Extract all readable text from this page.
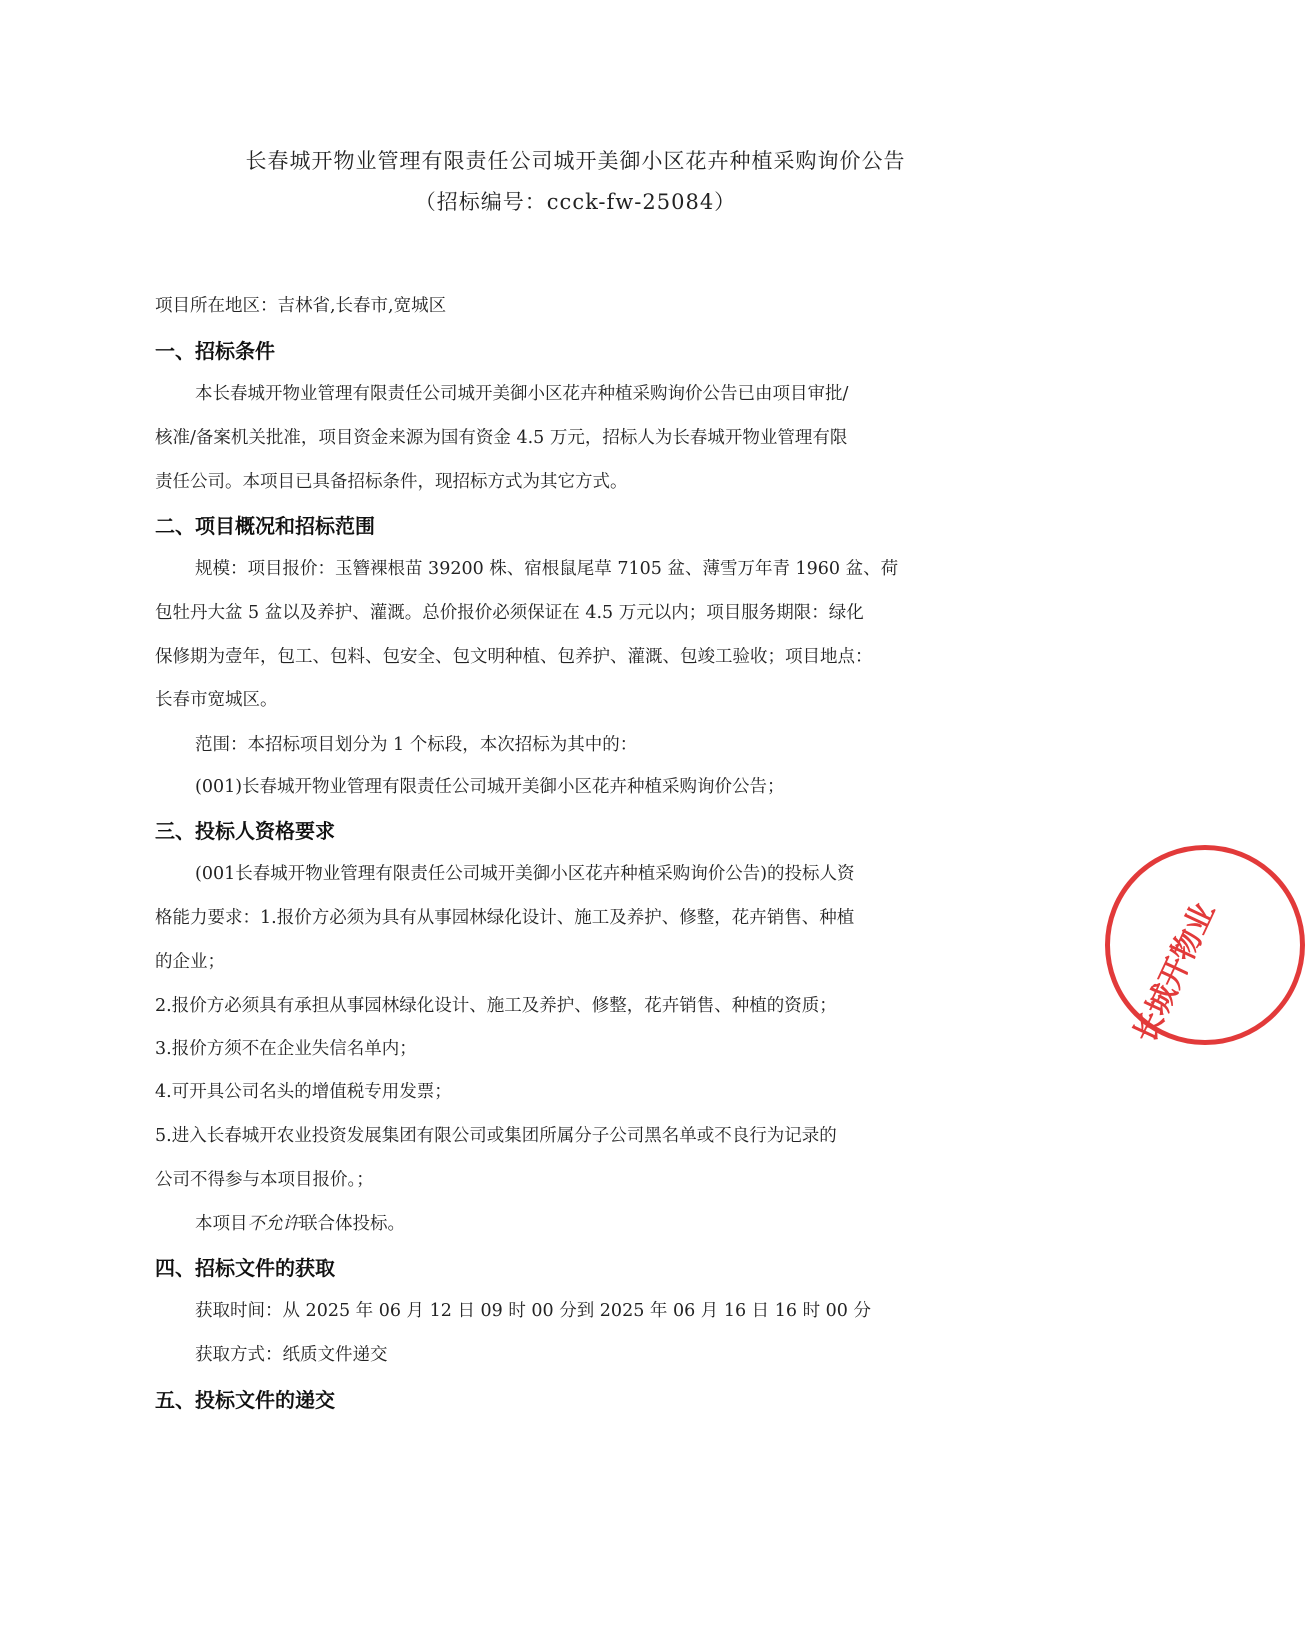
长春城开物业管理有限责任公司城开美御小区花卉种植采购询价公告
（招标编号：ccck-fw-25084）
项目所在地区：吉林省,长春市,宽城区
一、招标条件
本长春城开物业管理有限责任公司城开美御小区花卉种植采购询价公告已由项目审批/
核准/备案机关批准，项目资金来源为国有资金 4.5 万元，招标人为长春城开物业管理有限
责任公司。本项目已具备招标条件，现招标方式为其它方式。
二、项目概况和招标范围
规模：项目报价：玉簪裸根苗 39200 株、宿根鼠尾草 7105 盆、薄雪万年青 1960 盆、荷
包牡丹大盆 5 盆以及养护、灌溉。总价报价必须保证在 4.5 万元以内；项目服务期限：绿化
保修期为壹年，包工、包料、包安全、包文明种植、包养护、灌溉、包竣工验收；项目地点：
长春市宽城区。
范围：本招标项目划分为 1 个标段，本次招标为其中的：
(001)长春城开物业管理有限责任公司城开美御小区花卉种植采购询价公告；
三、投标人资格要求
(001长春城开物业管理有限责任公司城开美御小区花卉种植采购询价公告)的投标人资
格能力要求：1.报价方必须为具有从事园林绿化设计、施工及养护、修整，花卉销售、种植
的企业；
2.报价方必须具有承担从事园林绿化设计、施工及养护、修整，花卉销售、种植的资质；
3.报价方须不在企业失信名单内；
4.可开具公司名头的增值税专用发票；
5.进入长春城开农业投资发展集团有限公司或集团所属分子公司黑名单或不良行为记录的
公司不得参与本项目报价。；
本项目不允许联合体投标。
四、招标文件的获取
获取时间：从 2025 年 06 月 12 日 09 时 00 分到 2025 年 06 月 16 日 16 时 00 分
获取方式：纸质文件递交
五、投标文件的递交
长城开物业
